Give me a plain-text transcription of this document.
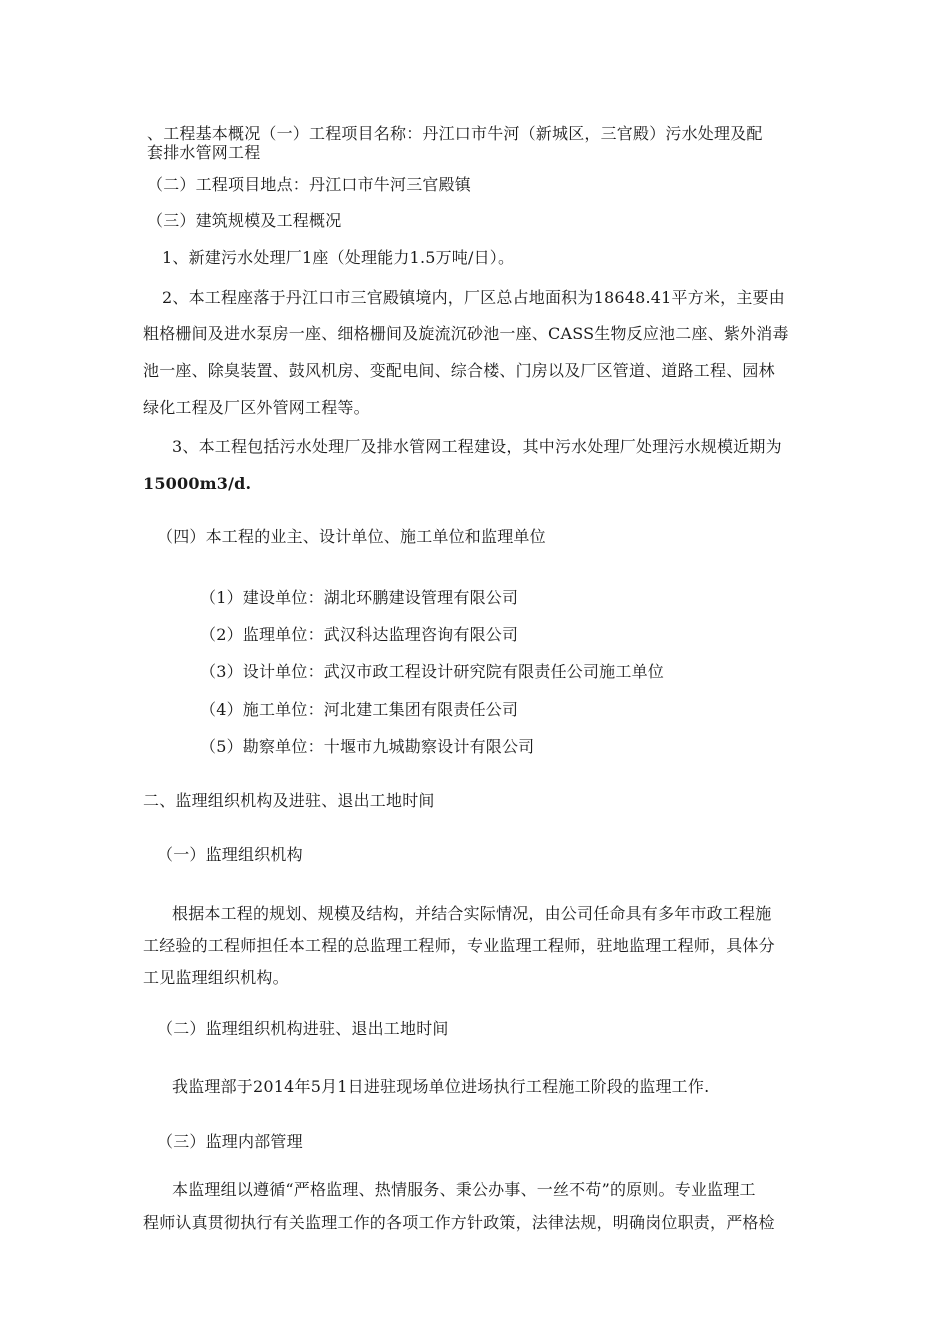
、工程基本概况（一）工程项目名称：丹江口市牛河（新城区，三官殿）污水处理及配
套排水管网工程
（二）工程项目地点：丹江口市牛河三官殿镇
（三）建筑规模及工程概况
1、新建污水处理厂1座（处理能力1.5万吨/日）。
2、本工程座落于丹江口市三官殿镇境内，厂区总占地面积为18648.41平方米，主要由
粗格栅间及进水泵房一座、细格栅间及旋流沉砂池一座、CASS生物反应池二座、紫外消毒
池一座、除臭装置、鼓风机房、变配电间、综合楼、门房以及厂区管道、道路工程、园林
绿化工程及厂区外管网工程等。
3、本工程包括污水处理厂及排水管网工程建设，其中污水处理厂处理污水规模近期为
15000m3/d.
（四）本工程的业主、设计单位、施工单位和监理单位
（1）建设单位：湖北环鹏建设管理有限公司
（2）监理单位：武汉科达监理咨询有限公司
（3）设计单位：武汉市政工程设计研究院有限责任公司施工单位
（4）施工单位：河北建工集团有限责任公司
（5）勘察单位：十堰市九城勘察设计有限公司
二、监理组织机构及进驻、退出工地时间
（一）监理组织机构
根据本工程的规划、规模及结构，并结合实际情况，由公司任命具有多年市政工程施
工经验的工程师担任本工程的总监理工程师，专业监理工程师，驻地监理工程师，具体分
工见监理组织机构。
（二）监理组织机构进驻、退出工地时间
我监理部于2014年5月1日进驻现场单位进场执行工程施工阶段的监理工作.
（三）监理内部管理
本监理组以遵循“严格监理、热情服务、秉公办事、一丝不苟”的原则。专业监理工
程师认真贯彻执行有关监理工作的各项工作方针政策，法律法规，明确岗位职责，严格检
